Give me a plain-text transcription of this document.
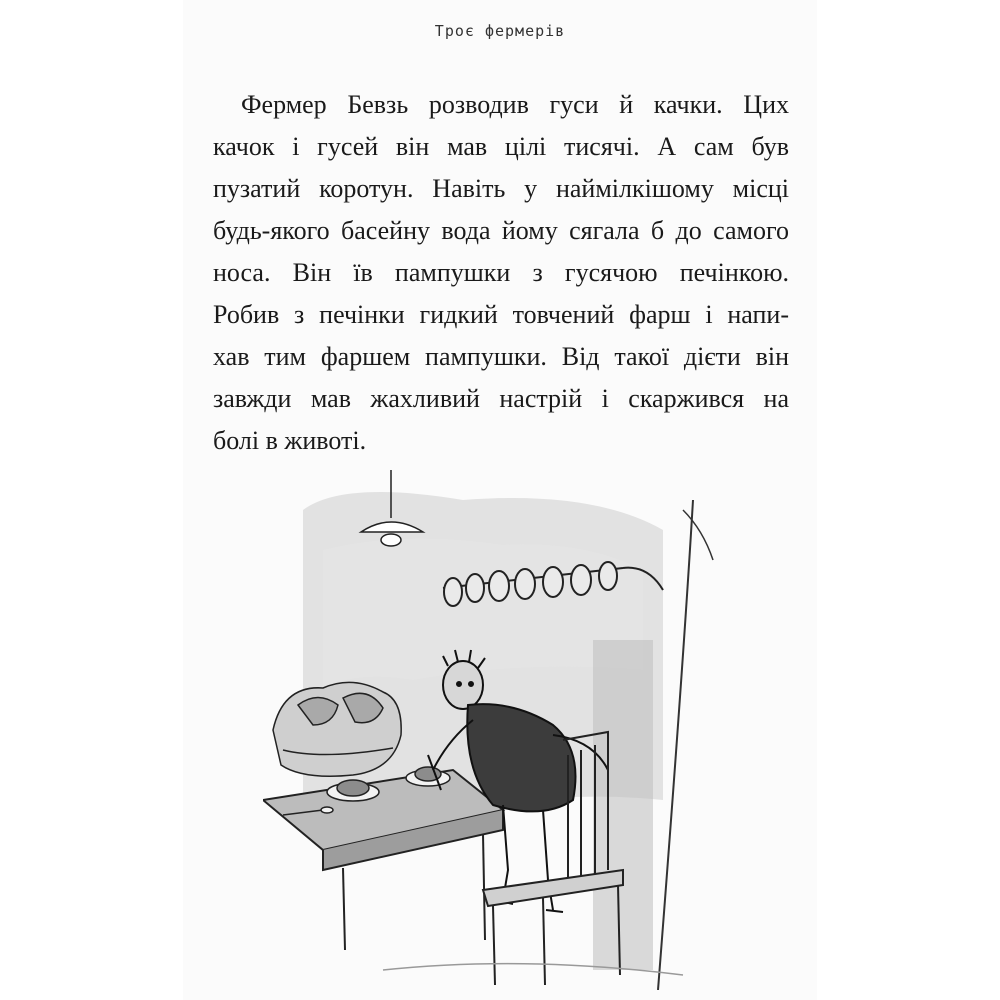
Троє фермерів
Фермер Бевзь розводив гуси й качки. Цих
качок і гусей він мав цілі тисячі. А сам був
пузатий коротун. Навіть у наймілкішому місці
будь-якого басейну вода йому сягала б до самого
носа. Він їв пампушки з гусячою печінкою.
Робив з печінки гидкий товчений фарш і напи-
хав тим фаршем пампушки. Від такої дієти він
завжди мав жахливий настрій і скаржився на
болі в животі.
